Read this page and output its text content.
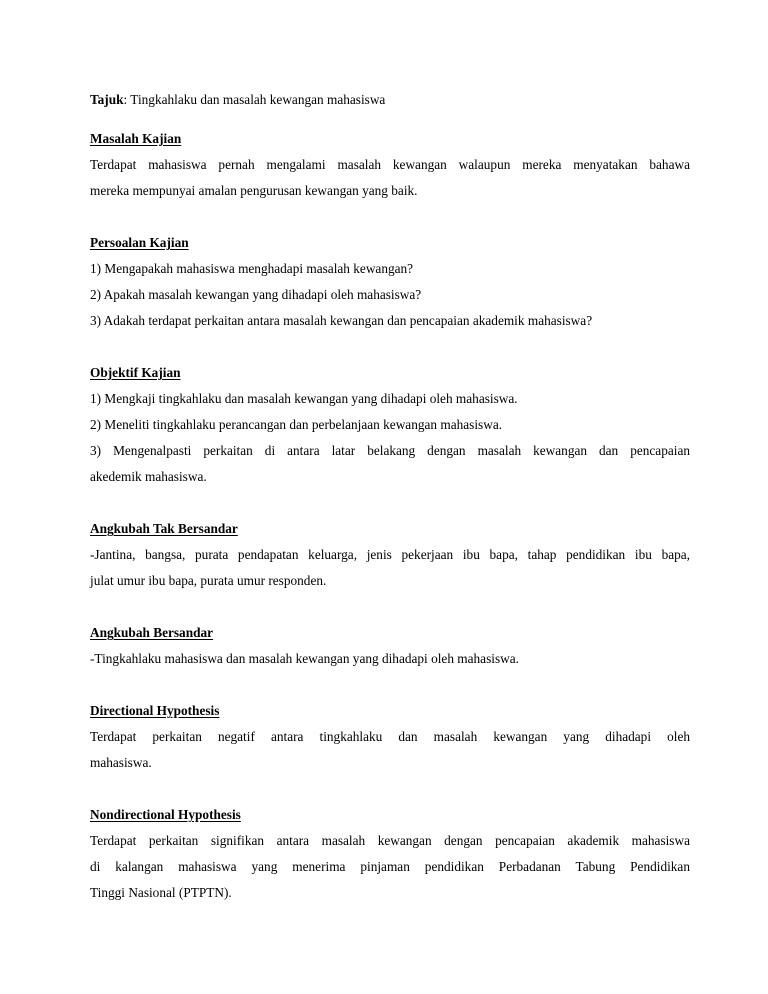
Tajuk: Tingkahlaku dan masalah kewangan mahasiswa
Masalah Kajian
Terdapat mahasiswa pernah mengalami masalah kewangan walaupun mereka menyatakan bahawa
mereka mempunyai amalan pengurusan kewangan yang baik.
Persoalan Kajian
1) Mengapakah mahasiswa menghadapi masalah kewangan?
2) Apakah masalah kewangan yang dihadapi oleh mahasiswa?
3) Adakah terdapat perkaitan antara masalah kewangan dan pencapaian akademik mahasiswa?
Objektif Kajian
1) Mengkaji tingkahlaku dan masalah kewangan yang dihadapi oleh mahasiswa.
2) Meneliti tingkahlaku perancangan dan perbelanjaan kewangan mahasiswa.
3) Mengenalpasti perkaitan di antara latar belakang dengan masalah kewangan dan pencapaian
akedemik mahasiswa.
Angkubah Tak Bersandar
-Jantina, bangsa, purata pendapatan keluarga, jenis pekerjaan ibu bapa, tahap pendidikan ibu bapa,
julat umur ibu bapa, purata umur responden.
Angkubah Bersandar
-Tingkahlaku mahasiswa dan masalah kewangan yang dihadapi oleh mahasiswa.
Directional Hypothesis
Terdapat perkaitan negatif antara tingkahlaku dan masalah kewangan yang dihadapi oleh
mahasiswa.
Nondirectional Hypothesis
Terdapat perkaitan signifikan antara masalah kewangan dengan pencapaian akademik mahasiswa
di kalangan mahasiswa yang menerima pinjaman pendidikan Perbadanan Tabung Pendidikan
Tinggi Nasional (PTPTN).
